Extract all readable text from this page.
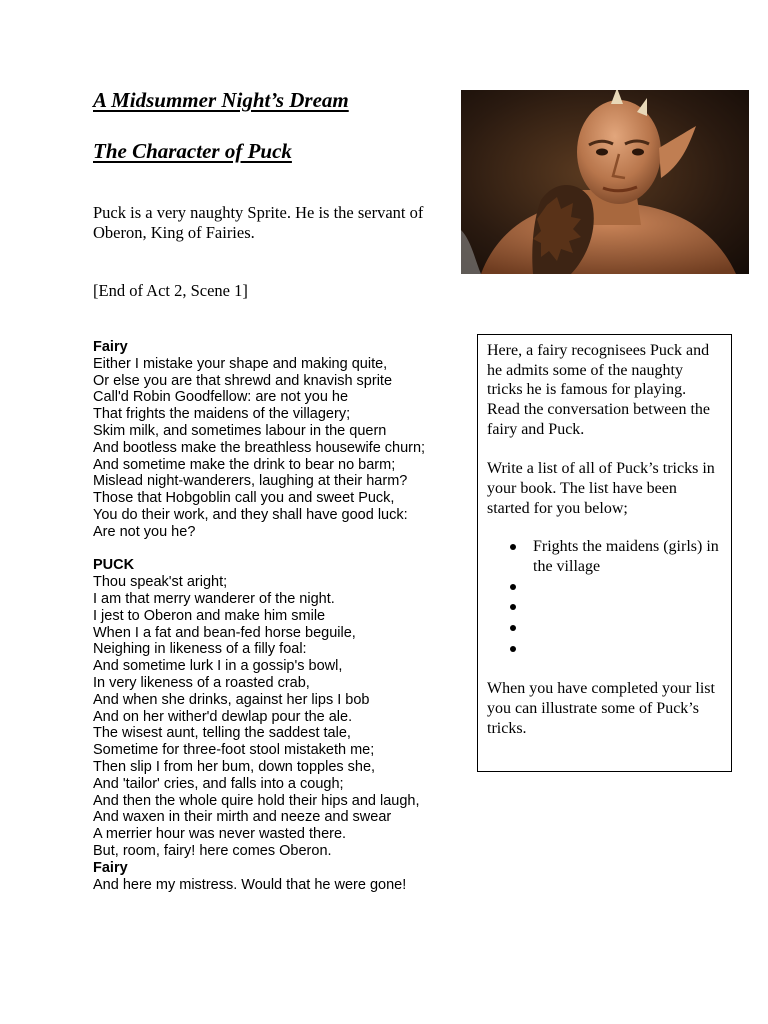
A Midsummer Night’s Dream
The Character of Puck

Puck is a very naughty Sprite. He is the servant of Oberon, King of Fairies.

[End of Act 2, Scene 1]

Fairy
Either I mistake your shape and making quite,
Or else you are that shrewd and knavish sprite
Call'd Robin Goodfellow: are not you he
That frights the maidens of the villagery;
Skim milk, and sometimes labour in the quern
And bootless make the breathless housewife churn;
And sometime make the drink to bear no barm;
Mislead night-wanderers, laughing at their harm?
Those that Hobgoblin call you and sweet Puck,
You do their work, and they shall have good luck:
Are not you he?
PUCK
Thou speak'st aright;
I am that merry wanderer of the night.
I jest to Oberon and make him smile
When I a fat and bean-fed horse beguile,
Neighing in likeness of a filly foal:
And sometime lurk I in a gossip's bowl,
In very likeness of a roasted crab,
And when she drinks, against her lips I bob
And on her wither'd dewlap pour the ale.
The wisest aunt, telling the saddest tale,
Sometime for three-foot stool mistaketh me;
Then slip I from her bum, down topples she,
And 'tailor' cries, and falls into a cough;
And then the whole quire hold their hips and laugh,
And waxen in their mirth and neeze and swear
A merrier hour was never wasted there.
But, room, fairy! here comes Oberon.
Fairy
And here my mistress. Would that he were gone!

Here, a fairy recognisees Puck and he admits some of the naughty tricks he is famous for playing. Read the conversation between the fairy and Puck.

Write a list of all of Puck’s tricks in your book. The list have been started for you below;

Frights the maidens (girls) in the village

When you have completed your list you can illustrate some of Puck’s tricks.
